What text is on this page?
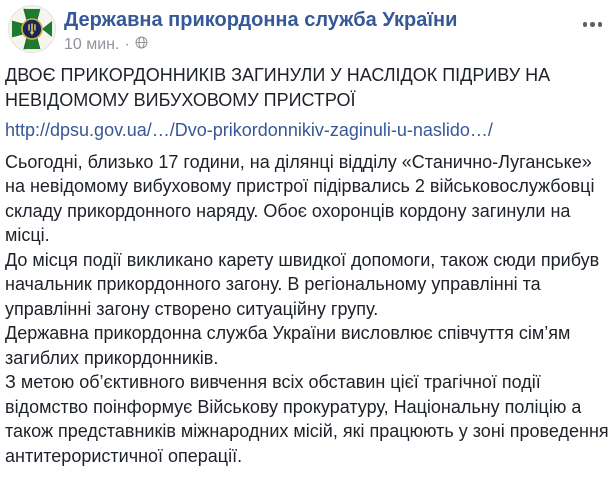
Державна прикордонна служба України
10 мин. ·

ДВОЄ ПРИКОРДОННИКІВ ЗАГИНУЛИ У НАСЛІДОК ПІДРИВУ НА НЕВІДОМОМУ ВИБУХОВОМУ ПРИСТРОЇ

http://dpsu.gov.ua/…/Dvo-prikordonnikiv-zaginuli-u-naslido…/

Сьогодні, близько 17 години, на ділянці відділу «Станично-Луганське» на невідомому вибуховому пристрої підірвались 2 військовослужбовці складу прикордонного наряду. Обоє охоронців кордону загинули на місці.

До місця події викликано карету швидкої допомоги, також сюди прибув начальник прикордонного загону. В регіональному управлінні та управлінні загону створено ситуаційну групу.

Державна прикордонна служба України висловлює співчуття сім’ям загиблих прикордонників.

З метою об’єктивного вивчення всіх обставин цієї трагічної події відомство поінформує Військову прокуратуру, Національну поліцію а також представників міжнародних місій, які працюють у зоні проведення антитерористичної операції.
